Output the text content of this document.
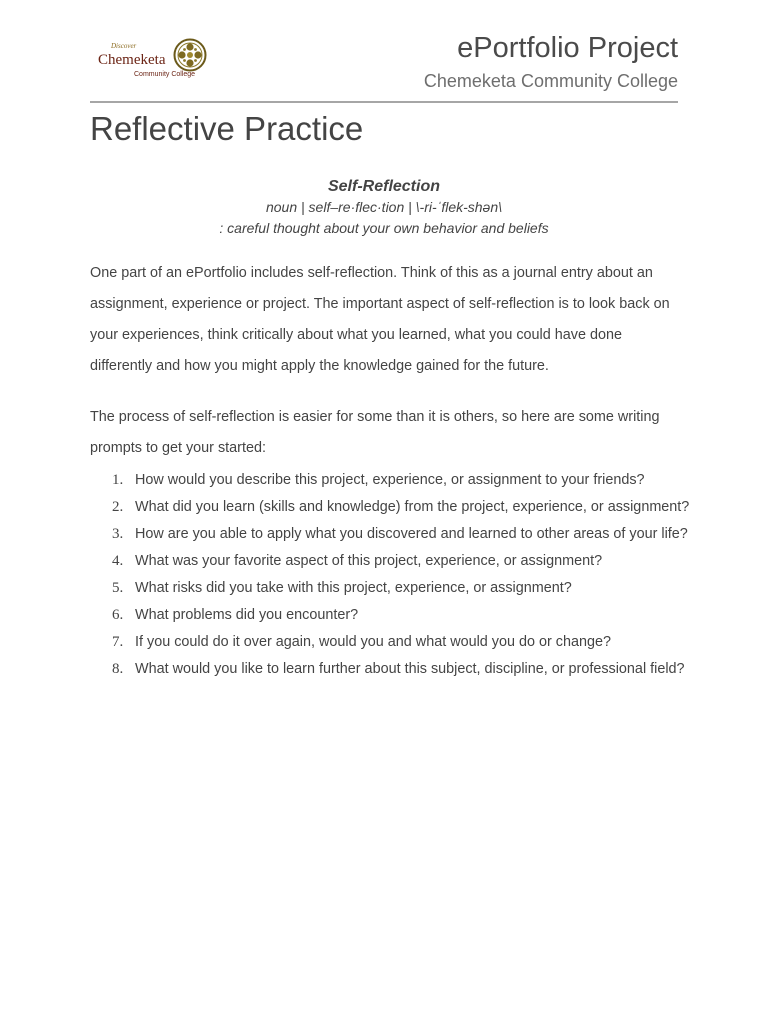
Discover
Chemeketa
Community College
ePortfolio Project
Chemeketa Community College
Reflective Practice
Self-Reflection
noun | self–re·flec·tion | \-ri-ˈflek-shən\
: careful thought about your own behavior and beliefs

One part of an ePortfolio includes self-reflection. Think of this as a journal entry about an assignment, experience or project. The important aspect of self-reflection is to look back on your experiences, think critically about what you learned, what you could have done differently and how you might apply the knowledge gained for the future.

The process of self-reflection is easier for some than it is others, so here are some writing prompts to get your started:

1. How would you describe this project, experience, or assignment to your friends?
2. What did you learn (skills and knowledge) from the project, experience, or assignment?
3. How are you able to apply what you discovered and learned to other areas of your life?
4. What was your favorite aspect of this project, experience, or assignment?
5. What risks did you take with this project, experience, or assignment?
6. What problems did you encounter?
7. If you could do it over again, would you and what would you do or change?
8. What would you like to learn further about this subject, discipline, or professional field?
